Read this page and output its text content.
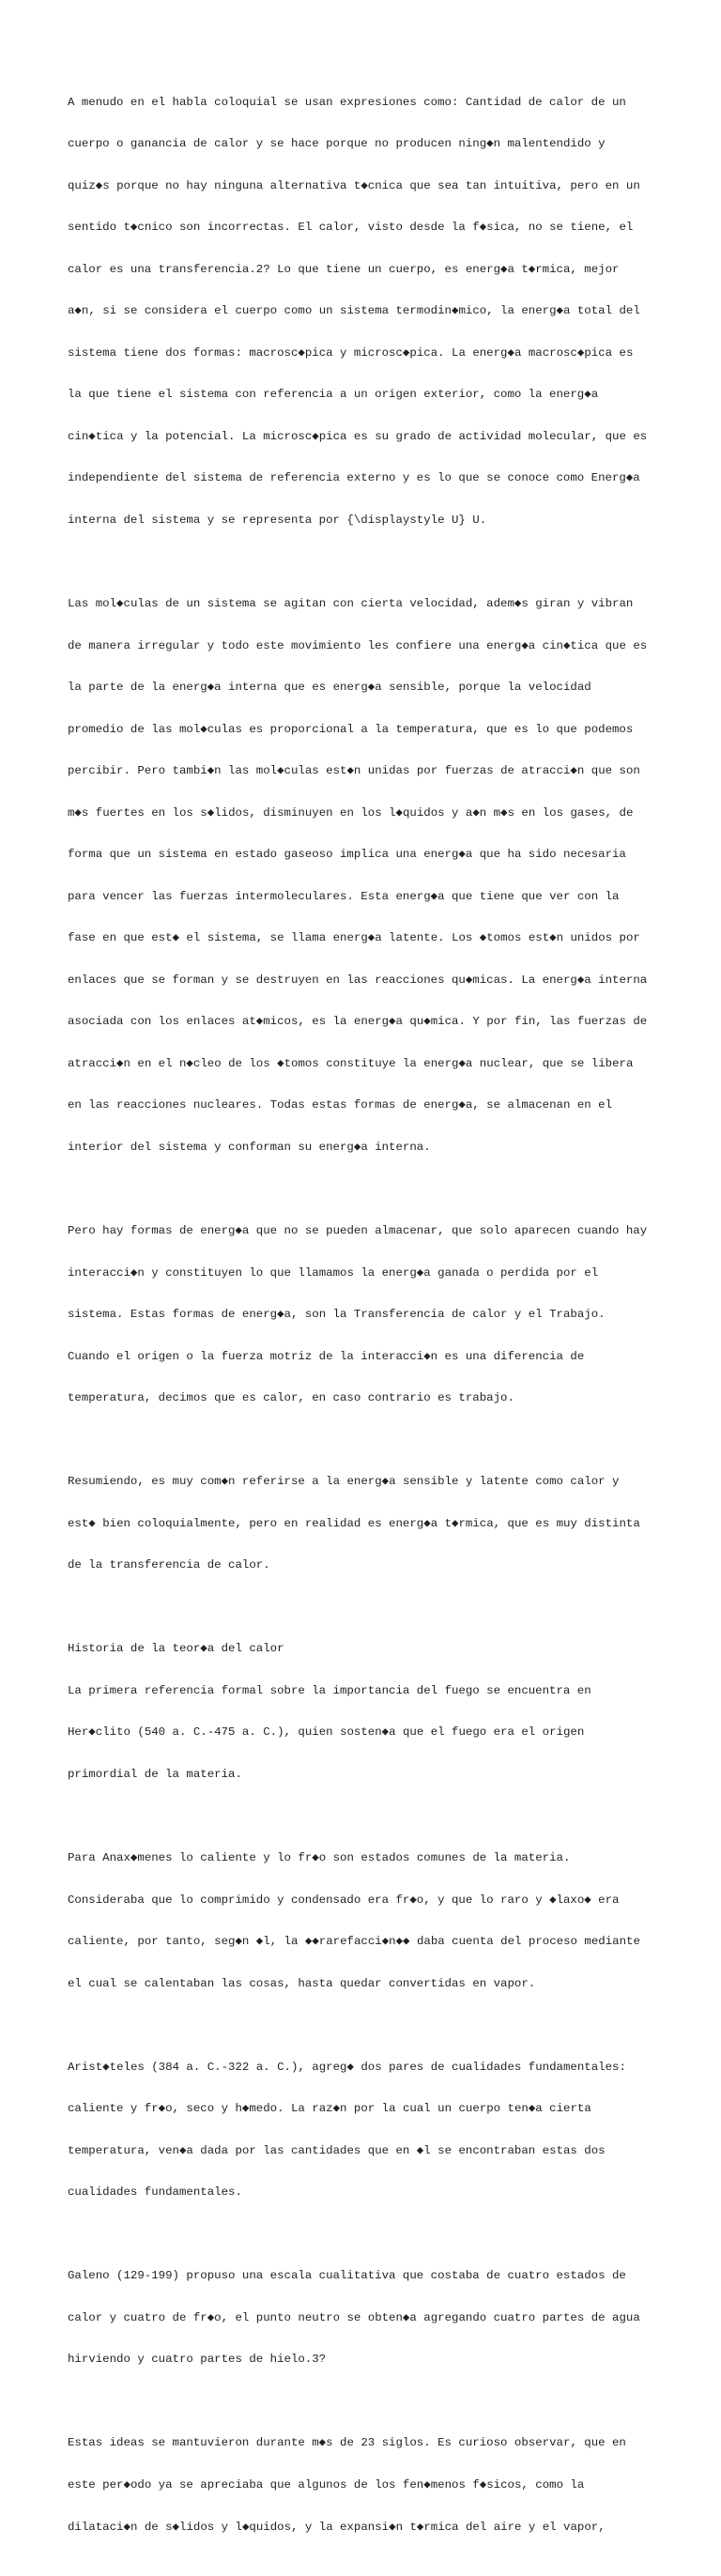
A menudo en el habla coloquial se usan expresiones como: Cantidad de calor de un

cuerpo o ganancia de calor y se hace porque no producen ning◆n malentendido y

quiz◆s porque no hay ninguna alternativa t◆cnica que sea tan intuitiva, pero en un

sentido t◆cnico son incorrectas. El calor, visto desde la f◆sica, no se tiene, el

calor es una transferencia.2? Lo que tiene un cuerpo, es energ◆a t◆rmica, mejor

a◆n, si se considera el cuerpo como un sistema termodin◆mico, la energ◆a total del

sistema tiene dos formas: macrosc◆pica y microsc◆pica. La energ◆a macrosc◆pica es

la que tiene el sistema con referencia a un origen exterior, como la energ◆a

cin◆tica y la potencial. La microsc◆pica es su grado de actividad molecular, que es

independiente del sistema de referencia externo y es lo que se conoce como Energ◆a

interna del sistema y se representa por {\displaystyle U} U.

Las mol◆culas de un sistema se agitan con cierta velocidad, adem◆s giran y vibran

de manera irregular y todo este movimiento les confiere una energ◆a cin◆tica que es

la parte de la energ◆a interna que es energ◆a sensible, porque la velocidad

promedio de las mol◆culas es proporcional a la temperatura, que es lo que podemos

percibir. Pero tambi◆n las mol◆culas est◆n unidas por fuerzas de atracci◆n que son

m◆s fuertes en los s◆lidos, disminuyen en los l◆quidos y a◆n m◆s en los gases, de

forma que un sistema en estado gaseoso implica una energ◆a que ha sido necesaria

para vencer las fuerzas intermoleculares. Esta energ◆a que tiene que ver con la

fase en que est◆ el sistema, se llama energ◆a latente. Los ◆tomos est◆n unidos por

enlaces que se forman y se destruyen en las reacciones qu◆micas. La energ◆a interna

asociada con los enlaces at◆micos, es la energ◆a qu◆mica. Y por fin, las fuerzas de

atracci◆n en el n◆cleo de los ◆tomos constituye la energ◆a nuclear, que se libera

en las reacciones nucleares. Todas estas formas de energ◆a, se almacenan en el

interior del sistema y conforman su energ◆a interna.

Pero hay formas de energ◆a que no se pueden almacenar, que solo aparecen cuando hay

interacci◆n y constituyen lo que llamamos la energ◆a ganada o perdida por el

sistema. Estas formas de energ◆a, son la Transferencia de calor y el Trabajo.

Cuando el origen o la fuerza motriz de la interacci◆n es una diferencia de

temperatura, decimos que es calor, en caso contrario es trabajo.

Resumiendo, es muy com◆n referirse a la energ◆a sensible y latente como calor y

est◆ bien coloquialmente, pero en realidad es energ◆a t◆rmica, que es muy distinta

de la transferencia de calor.

Historia de la teor◆a del calor

La primera referencia formal sobre la importancia del fuego se encuentra en

Her◆clito (540 a. C.-475 a. C.), quien sosten◆a que el fuego era el origen

primordial de la materia.

Para Anax◆menes lo caliente y lo fr◆o son estados comunes de la materia.

Consideraba que lo comprimido y condensado era fr◆o, y que lo raro y ◆laxo◆ era

caliente, por tanto, seg◆n ◆l, la ◆◆rarefacci◆n◆◆ daba cuenta del proceso mediante

el cual se calentaban las cosas, hasta quedar convertidas en vapor.

Arist◆teles (384 a. C.-322 a. C.), agreg◆ dos pares de cualidades fundamentales:

caliente y fr◆o, seco y h◆medo. La raz◆n por la cual un cuerpo ten◆a cierta

temperatura, ven◆a dada por las cantidades que en ◆l se encontraban estas dos

cualidades fundamentales.

Galeno (129-199) propuso una escala cualitativa que costaba de cuatro estados de

calor y cuatro de fr◆o, el punto neutro se obten◆a agregando cuatro partes de agua

hirviendo y cuatro partes de hielo.3?

Estas ideas se mantuvieron durante m◆s de 23 siglos. Es curioso observar, que en

este per◆odo ya se apreciaba que algunos de los fen◆menos f◆sicos, como la

dilataci◆n de s◆lidos y l◆quidos, y la expansi◆n t◆rmica del aire y el vapor,
